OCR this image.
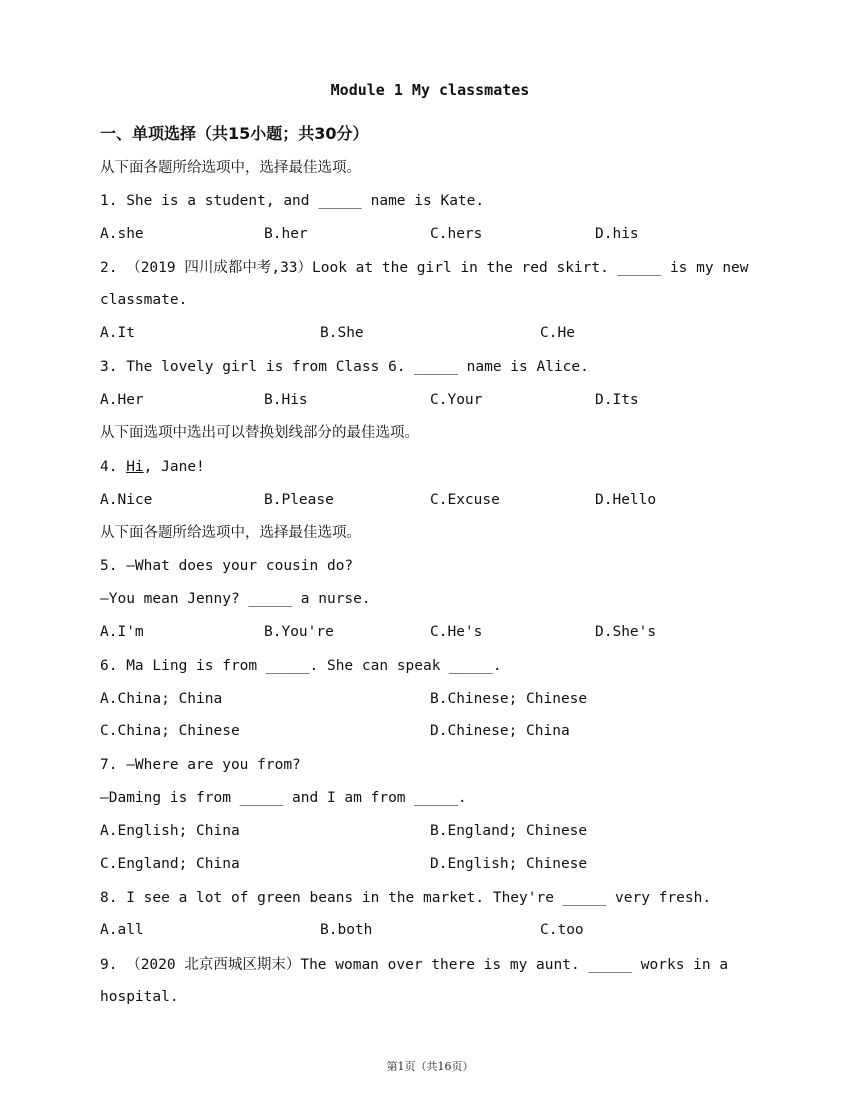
Module 1 My classmates
一、单项选择（共15小题；共30分）
从下面各题所给选项中，选择最佳选项。
1. She is a student, and _____ name is Kate.
A.she	B.her	C.hers	D.his
2. （2019 四川成都中考,33）Look at the girl in the red skirt. _____ is my new
classmate.
A.It	B.She	C.He
3. The lovely girl is from Class 6. _____ name is Alice.
A.Her	B.His	C.Your	D.Its
从下面选项中选出可以替换划线部分的最佳选项。
4. Hi, Jane!
A.Nice	B.Please	C.Excuse	D.Hello
从下面各题所给选项中，选择最佳选项。
5. —What does your cousin do?
—You mean Jenny? _____ a nurse.
A.I'm	B.You're	C.He's	D.She's
6. Ma Ling is from _____. She can speak _____.
A.China; China	B.Chinese; Chinese
C.China; Chinese	D.Chinese; China
7. —Where are you from?
—Daming is from _____ and I am from _____.
A.English; China	B.England; Chinese
C.England; China	D.English; Chinese
8. I see a lot of green beans in the market. They're _____ very fresh.
A.all	B.both	C.too
9. （2020 北京西城区期末）The woman over there is my aunt. _____ works in a
hospital.
第1页（共16页）
